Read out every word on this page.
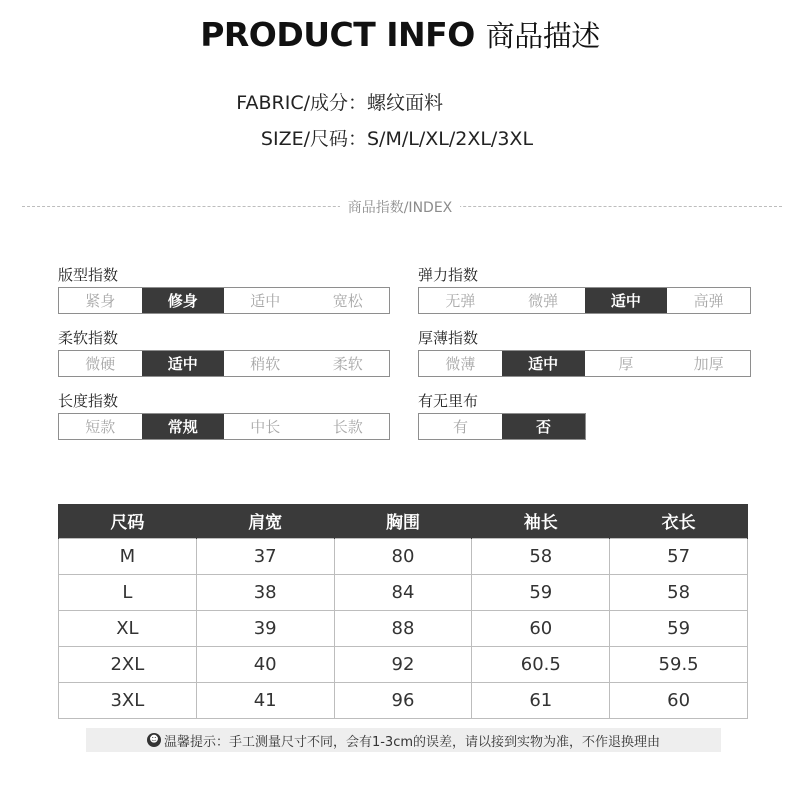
PRODUCT INFO 商品描述
FABRIC/成分：螺纹面料
SIZE/尺码：S/M/L/XL/2XL/3XL
商品指数/INDEX
版型指数
紧身	修身	适中	宽松
弹力指数
无弹	微弹	适中	高弹
柔软指数
微硬	适中	稍软	柔软
厚薄指数
微薄	适中	厚	加厚
长度指数
短款	常规	中长	长款
有无里布
有	否
尺码	肩宽	胸围	袖长	衣长
M	37	80	58	57
L	38	84	59	58
XL	39	88	60	59
2XL	40	92	60.5	59.5
3XL	41	96	61	60
☻ 温馨提示：手工测量尺寸不同，会有1-3cm的误差，请以接到实物为准，不作退换理由
